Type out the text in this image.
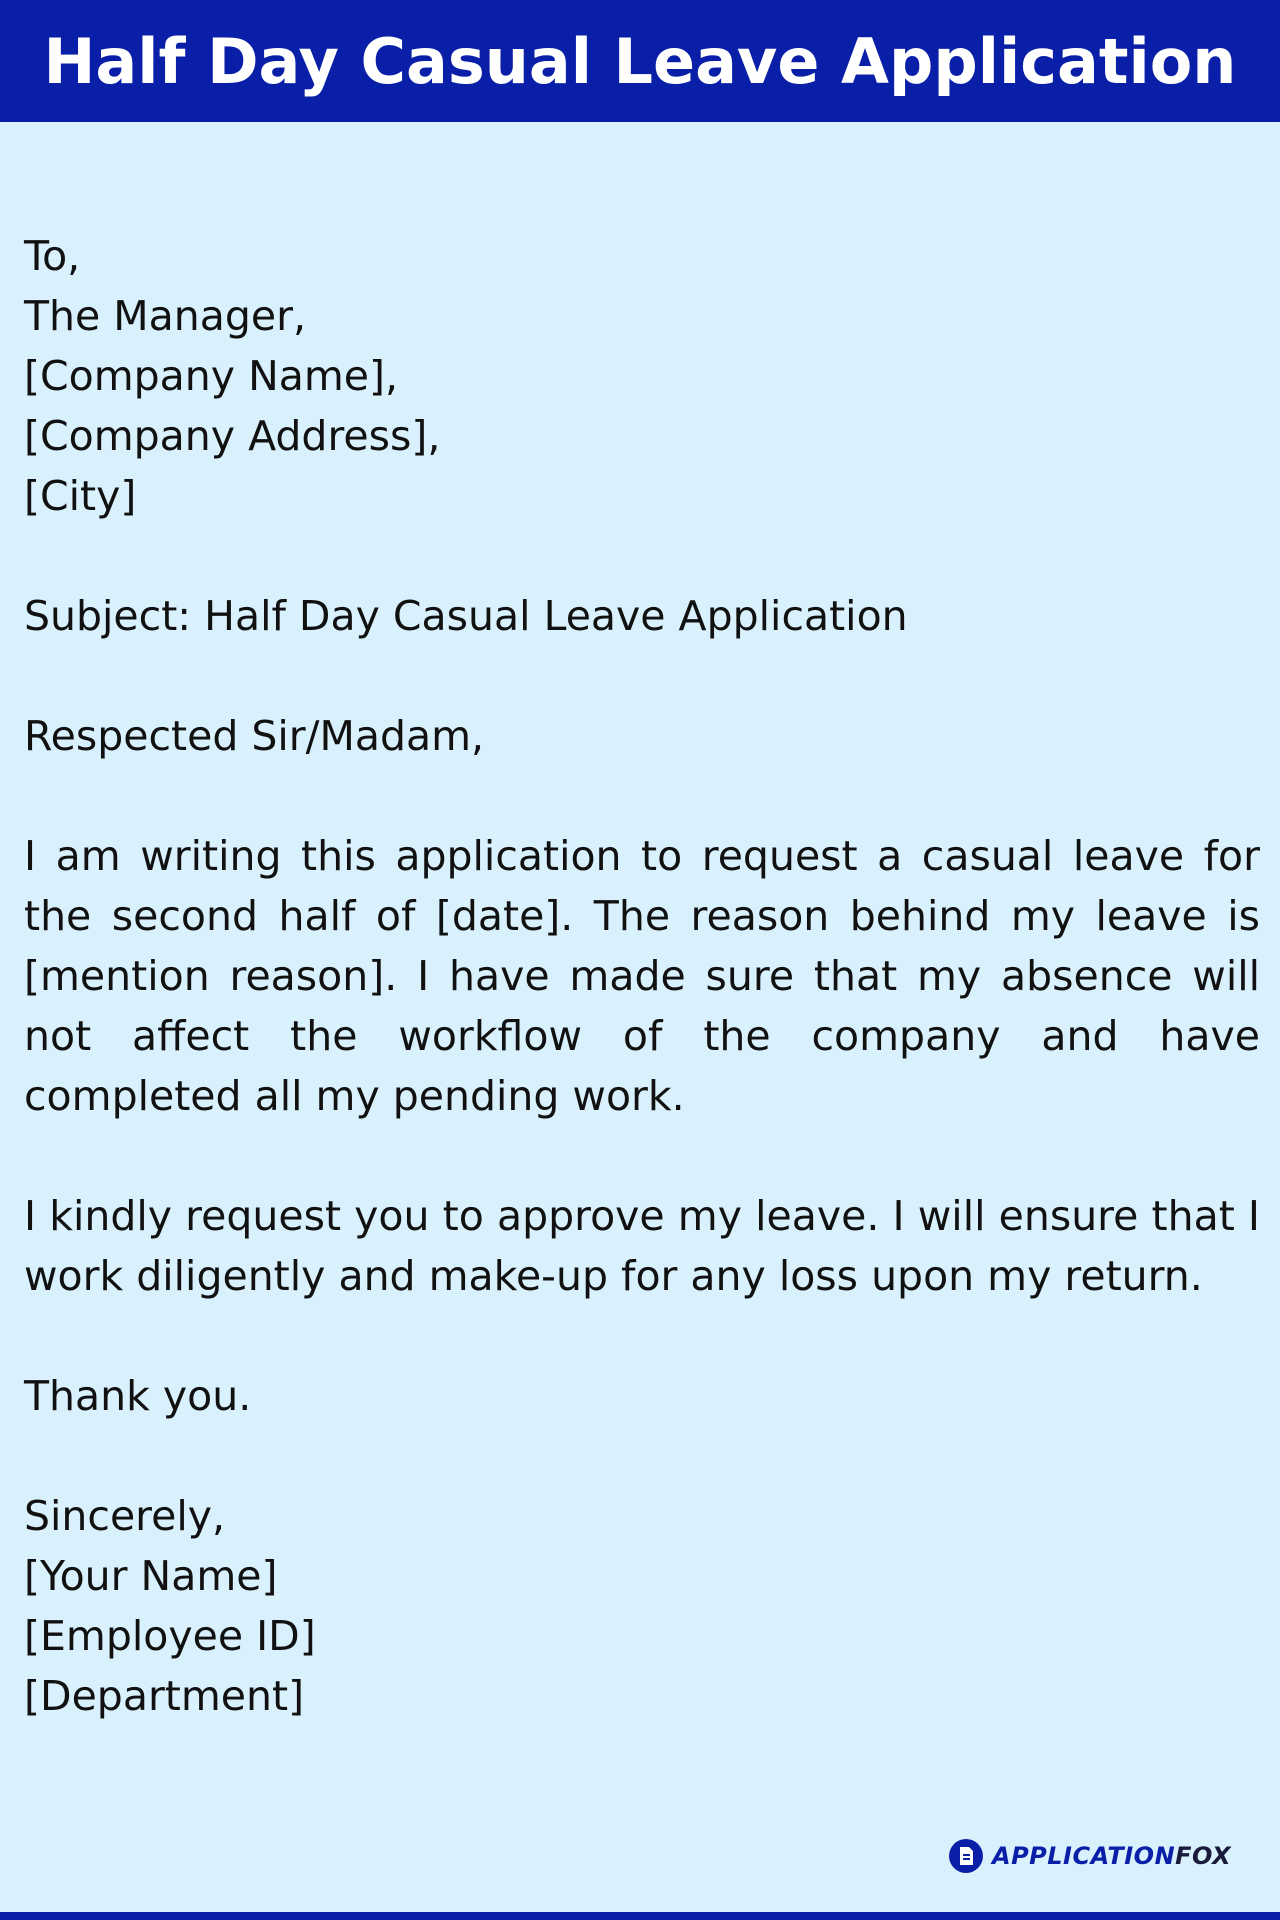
Half Day Casual Leave Application
To,
The Manager,
[Company Name],
[Company Address],
[City]
Subject: Half Day Casual Leave Application
Respected Sir/Madam,
I am writing this application to request a casual leave for the second half of [date]. The reason behind my leave is [mention reason]. I have made sure that my absence will not affect the workflow of the company and have completed all my pending work.
I kindly request you to approve my leave. I will ensure that I work diligently and make-up for any loss upon my return.
Thank you.
Sincerely,
[Your Name]
[Employee ID]
[Department]
APPLICATIONFOX
